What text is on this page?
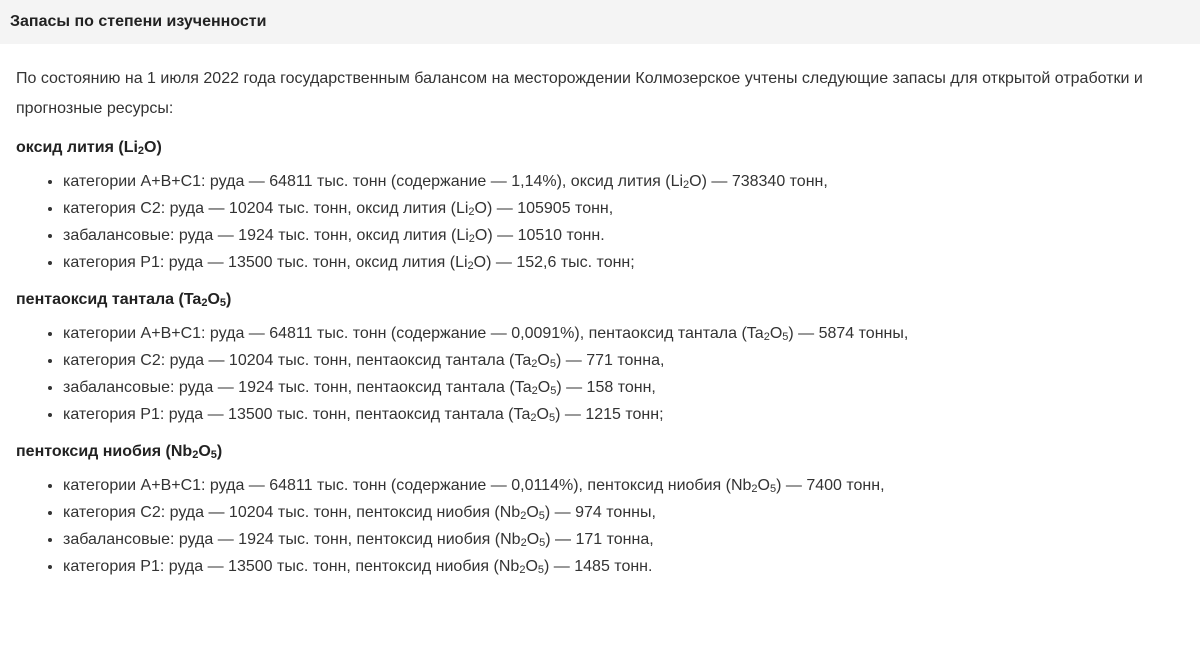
Запасы по степени изученности

По состоянию на 1 июля 2022 года государственным балансом на месторождении Колмозерское учтены следующие запасы для открытой отработки и прогнозные ресурсы:

оксид лития $(Li_2O)$
• категории А+В+С1: руда — 64811 тыс. тонн (содержание — 1,14%), оксид лития $(Li_2O)$ — 738340 тонн,
• категория С2: руда — 10204 тыс. тонн, оксид лития $(Li_2O)$ — 105905 тонн,
• забалансовые: руда — 1924 тыс. тонн, оксид лития $(Li_2O)$ — 10510 тонн.
• категория Р1: руда — 13500 тыс. тонн, оксид лития $(Li_2O)$ — 152,6 тыс. тонн;
пентаоксид тантала $(Ta_2O_5)$
• категории А+В+С1: руда — 64811 тыс. тонн (содержание — 0,0091%), пентаоксид тантала $(Ta_2O_5)$ — 5874 тонны,
• категория С2: руда — 10204 тыс. тонн, пентаоксид тантала $(Ta_2O_5)$ — 771 тонна,
• забалансовые: руда — 1924 тыс. тонн, пентаоксид тантала $(Ta_2O_5)$ — 158 тонн,
• категория Р1: руда — 13500 тыс. тонн, пентаоксид тантала $(Ta_2O_5)$ — 1215 тонн;
пентоксид ниобия $(Nb_2O_5)$
• категории А+В+С1: руда — 64811 тыс. тонн (содержание — 0,0114%), пентоксид ниобия $(Nb_2O_5)$ — 7400 тонн,
• категория С2: руда — 10204 тыс. тонн, пентоксид ниобия $(Nb_2O_5)$ — 974 тонны,
• забалансовые: руда — 1924 тыс. тонн, пентоксид ниобия $(Nb_2O_5)$ — 171 тонна,
• категория Р1: руда — 13500 тыс. тонн, пентоксид ниобия $(Nb_2O_5)$ — 1485 тонн.
